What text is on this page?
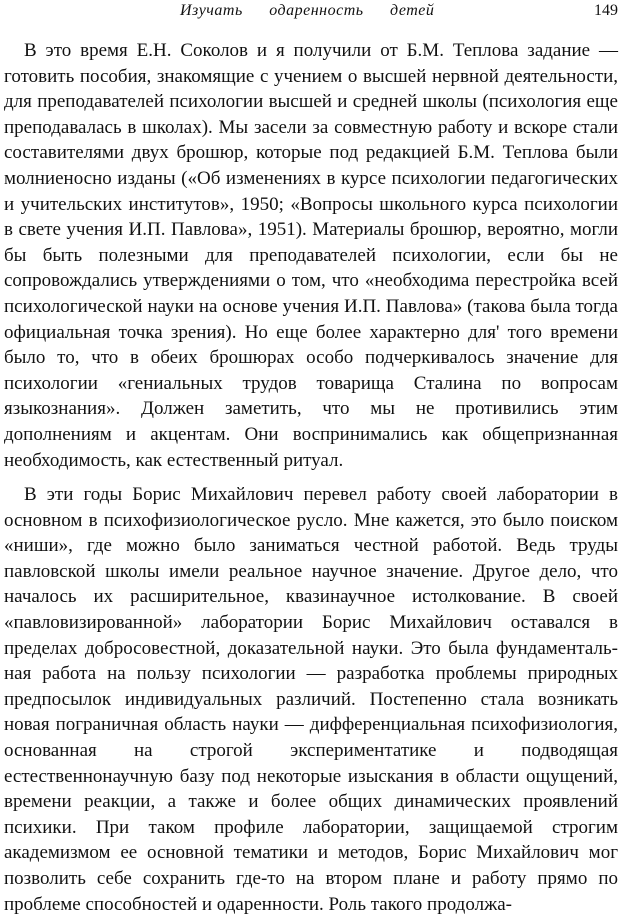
Изучать одаренность детей	149

В это время Е.Н. Соколов и я получили от Б.М. Теплова задание — готовить пособия, знакомящие с учением о высшей нервной деятельности, для преподавателей психологии высшей и средней школы (психология еще преподавалась в школах). Мы засели за совместную работу и вскоре стали составителями двух брошюр, которые под редакцией Б.М. Теплова были молниеносно изданы («Об изменениях в курсе психологии педагогических и учительских институтов», 1950; «Вопросы школьного курса психологии в свете учения И.П. Павлова», 1951). Материалы брошюр, вероятно, могли бы быть полезными для преподавателей психологии, если бы не сопровождались утверждениями о том, что «необходима перестройка всей психологической науки на основе учения И.П. Павлова» (такова была тогда официальная точка зрения). Но еще более характерно для' того времени было то, что в обеих брошюрах особо подчеркивалось значение для психологии «гениальных трудов товарища Сталина по вопросам языкознания». Должен заметить, что мы не противились этим дополнениям и акцентам. Они воспринимались как общепризнанная необходимость, как естественный ритуал.

В эти годы Борис Михайлович перевел работу своей лаборатории в основном в психофизиологическое русло. Мне кажется, это было поиском «ниши», где можно было заниматься честной работой. Ведь труды павловской школы имели реальное научное значение. Другое дело, что началось их расширительное, квазинаучное истолкование. В своей «павловизированной» лаборатории Борис Михайлович оставался в пределах добросовестной, доказательной науки. Это была фундаментальная работа на пользу психологии — разработка проблемы природных предпосылок индивидуальных различий. Постепенно стала возникать новая пограничная область науки — дифференциальная психофизиология, основанная на строгой экспериментатике и подводящая естественнонаучную базу под некоторые изыскания в области ощущений, времени реакции, а также и более общих динамических проявлений психики. При таком профиле лаборатории, защищаемой строгим академизмом ее основной тематики и методов, Борис Михайлович мог позволить себе сохранить где-то на втором плане и работу прямо по проблеме способностей и одаренности. Роль такого продолжа-
